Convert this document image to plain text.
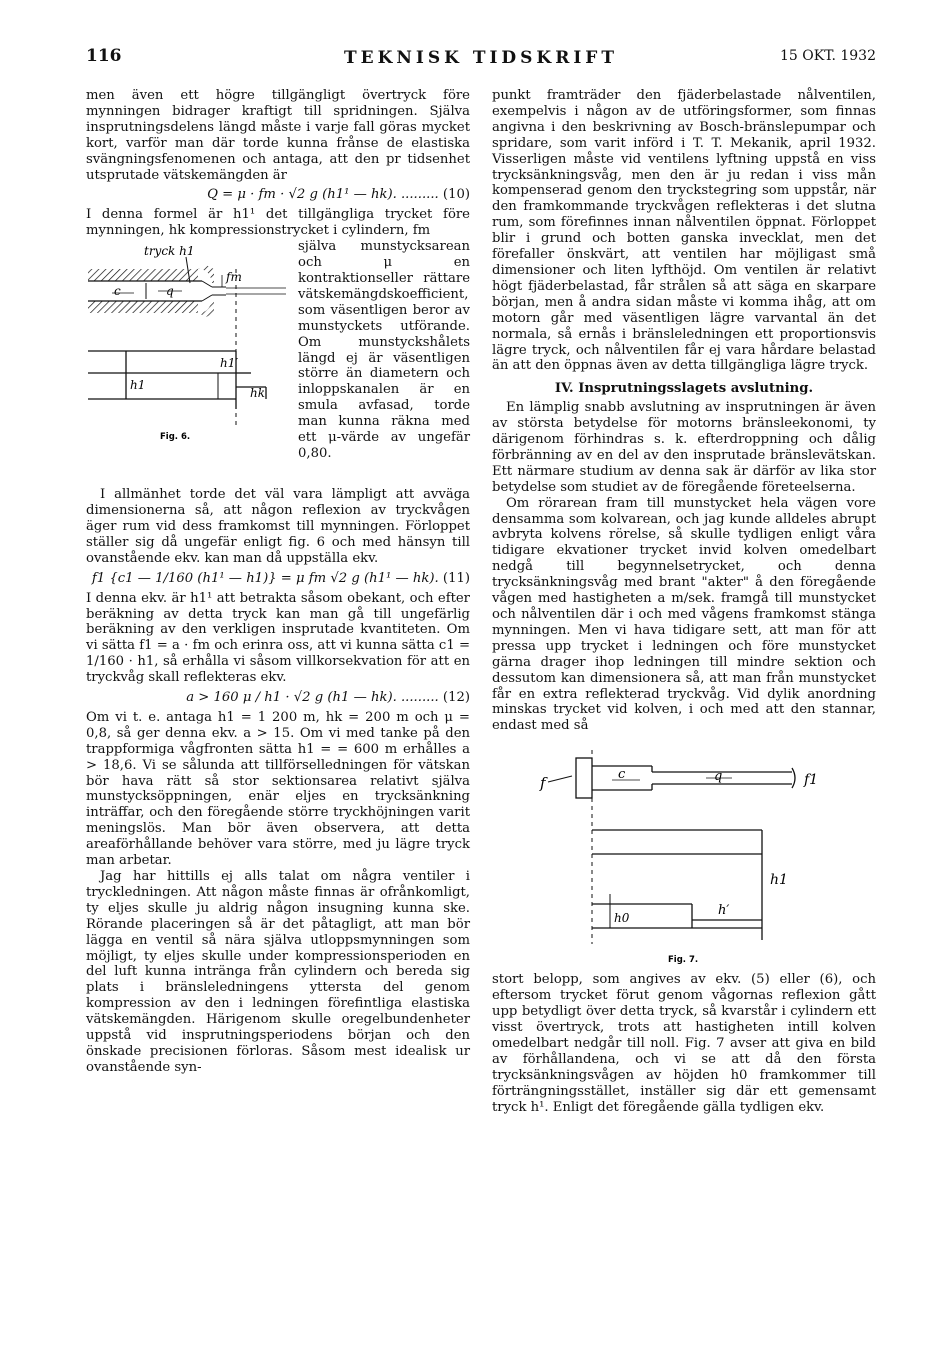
116	TEKNISK TIDSKRIFT	15 OKT. 1932

men även ett högre tillgängligt övertryck före mynningen bidrager kraftigt till spridningen. Själva insprutningsdelens längd måste i varje fall göras mycket kort, varför man där torde kunna frånse de elastiska svängningsfenomenen och antaga, att den pr tidsenhet utsprutade vätskemängden är

Q = μ · fm · √2 g (h1¹ — hk). ......... (10)

I denna formel är h1¹ det tillgängliga trycket före mynningen, hk kompressionstrycket i cylindern, fm

tryck h1
c	q
fm
h1
h1′
hk
Fig. 6.
själva munstycksarean och μ en kontraktionseller rättare vätskemängdskoefficient, som väsentligen beror av munstyckets utförande. Om munstyckshålets längd ej är väsentligen större än diametern och inloppskanalen är en smula avfasad, torde man kunna räkna med ett μ-värde av ungefär 0,80.

I allmänhet torde det väl vara lämpligt att avväga dimensionerna så, att någon reflexion av tryckvågen äger rum vid dess framkomst till mynningen. Förloppet ställer sig då ungefär enligt fig. 6 och med hänsyn till ovanstående ekv. kan man då uppställa ekv.

f1 {c1 — 1/160 (h1¹ — h1)} = μ fm √2 g (h1¹ — hk). (11)

I denna ekv. är h1¹ att betrakta såsom obekant, och efter beräkning av detta tryck kan man gå till ungefärlig beräkning av den verkligen insprutade kvantiteten. Om vi sätta f1 = a · fm och erinra oss, att vi kunna sätta c1 = 1/160 · h1, så erhålla vi såsom villkorsekvation för att en tryckvåg skall reflekteras ekv.

a > 160 μ / h1 · √2 g (h1 — hk). ......... (12)

Om vi t. e. antaga h1 = 1 200 m, hk = 200 m och μ = 0,8, så ger denna ekv. a > 15. Om vi med tanke på den trappformiga vågfronten sätta h1 = = 600 m erhålles a > 18,6. Vi se sålunda att tillförselledningen för vätskan bör hava rätt så stor sektionsarea relativt själva munstycksöppningen, enär eljes en trycksänkning inträffar, och den föregående större tryckhöjningen varit meningslös. Man bör även observera, att detta areaförhållande behöver vara större, med ju lägre tryck man arbetar.

Jag har hittills ej alls talat om några ventiler i tryckledningen. Att någon måste finnas är ofrånkomligt, ty eljes skulle ju aldrig någon insugning kunna ske. Rörande placeringen så är det påtagligt, att man bör lägga en ventil så nära själva utloppsmynningen som möjligt, ty eljes skulle under kompressionsperioden en del luft kunna intränga från cylindern och bereda sig plats i bränsleledningens yttersta del genom kompression av den i ledningen förefintliga elastiska vätskemängden. Härigenom skulle oregelbundenheter uppstå vid insprutningsperiodens början och den önskade precisionen förloras. Såsom mest idealisk ur ovanstående syn-

punkt framträder den fjäderbelastade nålventilen, exempelvis i någon av de utföringsformer, som finnas angivna i den beskrivning av Bosch-bränslepumpar och spridare, som varit införd i T. T. Mekanik, april 1932. Visserligen måste vid ventilens lyftning uppstå en viss trycksänkningsvåg, men den är ju redan i viss mån kompenserad genom den tryckstegring som uppstår, när den framkommande tryckvågen reflekteras i det slutna rum, som förefinnes innan nålventilen öppnat. Förloppet blir i grund och botten ganska invecklat, men det förefaller önskvärt, att ventilen har möjligast små dimensioner och liten lyfthöjd. Om ventilen är relativt högt fjäderbelastad, får strålen så att säga en skarpare början, men å andra sidan måste vi komma ihåg, att om motorn går med väsentligen lägre varvantal än det normala, så ernås i bränsleledningen ett proportionsvis lägre tryck, och nålventilen får ej vara hårdare belastad än att den öppnas även av detta tillgängliga lägre tryck.

IV. Insprutningsslagets avslutning.

En lämplig snabb avslutning av insprutningen är även av största betydelse för motorns bränsleekonomi, ty därigenom förhindras s. k. efterdroppning och dålig förbränning av en del av den insprutade bränslevätskan. Ett närmare studium av denna sak är därför av lika stor betydelse som studiet av de föregående företeelserna.

Om rörarean fram till munstycket hela vägen vore densamma som kolvarean, och jag kunde alldeles abrupt avbryta kolvens rörelse, så skulle tydligen enligt våra tidigare ekvationer trycket invid kolven omedelbart nedgå till begynnelsetrycket, och denna trycksänkningsvåg med brant "akter" å den föregående vågen med hastigheten a m/sek. framgå till munstycket och nålventilen där i och med vågens framkomst stänga mynningen. Men vi hava tidigare sett, att man för att pressa upp trycket i ledningen och före munstycket gärna drager ihop ledningen till mindre sektion och dessutom kan dimensionera så, att man från munstycket får en extra reflekterad tryckvåg. Vid dylik anordning minskas trycket vid kolven, i och med att den stannar, endast med så

f	c	q	f1
h1
h0	h′
Fig. 7.

stort belopp, som angives av ekv. (5) eller (6), och eftersom trycket förut genom vågornas reflexion gått upp betydligt över detta tryck, så kvarstår i cylindern ett visst övertryck, trots att hastigheten intill kolven omedelbart nedgår till noll. Fig. 7 avser att giva en bild av förhållandena, och vi se att då den första trycksänkningsvågen av höjden h0 framkommer till förträngningsstället, inställer sig där ett gemensamt tryck h¹. Enligt det föregående gälla tydligen ekv.
